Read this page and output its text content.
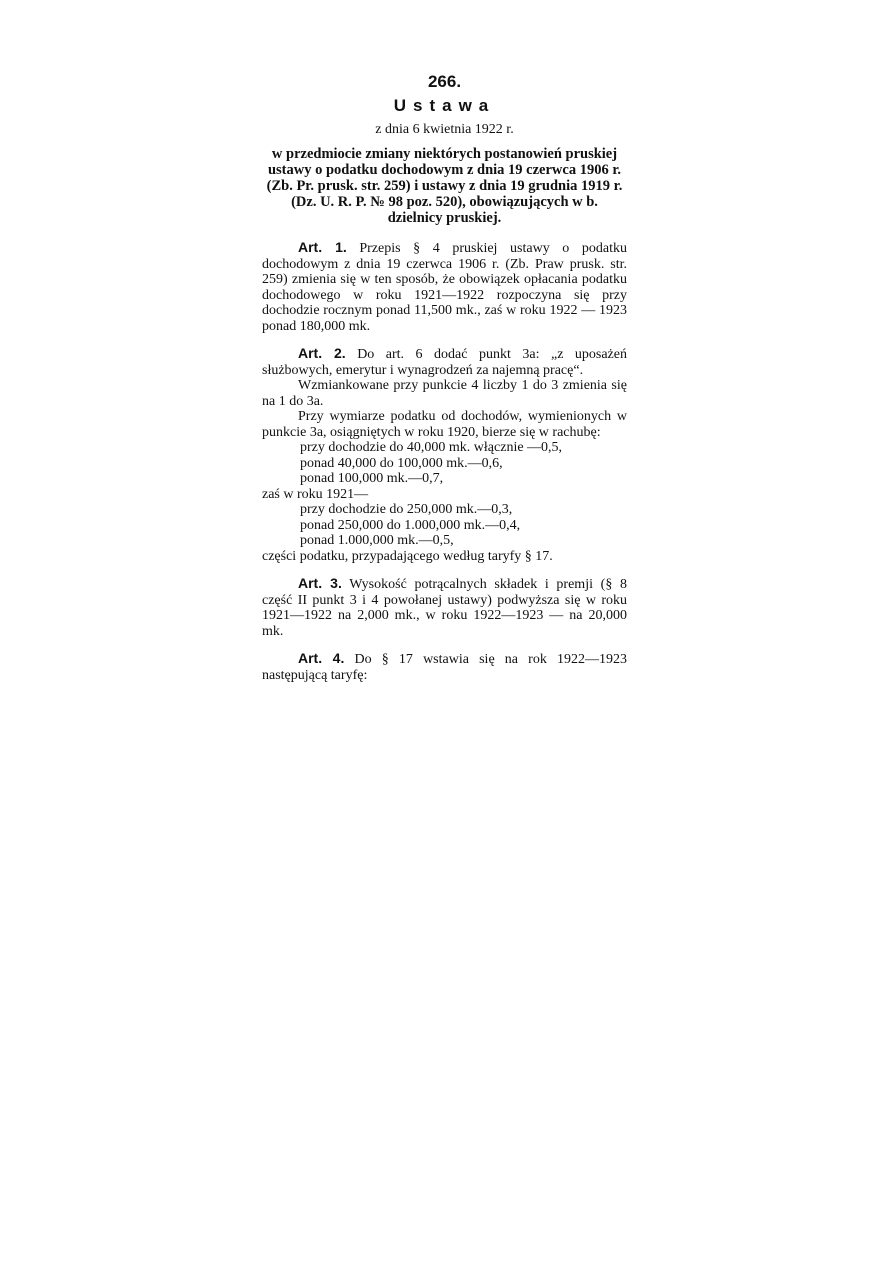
266.

Ustawa

z dnia 6 kwietnia 1922 r.

w przedmiocie zmiany niektórych postanowień pruskiej ustawy o podatku dochodowym z dnia 19 czerwca 1906 r. (Zb. Pr. prusk. str. 259) i ustawy z dnia 19 grudnia 1919 r. (Dz. U. R. P. № 98 poz. 520), obowiązujących w b. dzielnicy pruskiej.

Art. 1. Przepis § 4 pruskiej ustawy o podatku dochodowym z dnia 19 czerwca 1906 r. (Zb. Praw prusk. str. 259) zmienia się w ten sposób, że obowiązek opłacania podatku dochodowego w roku 1921—1922 rozpoczyna się przy dochodzie rocznym ponad 11,500 mk., zaś w roku 1922 — 1923 ponad 180,000 mk.

Art. 2. Do art. 6 dodać punkt 3a: „z uposażeń służbowych, emerytur i wynagrodzeń za najemną pracę“.

Wzmiankowane przy punkcie 4 liczby 1 do 3 zmienia się na 1 do 3a.

Przy wymiarze podatku od dochodów, wymienionych w punkcie 3a, osiągniętych w roku 1920, bierze się w rachubę:

przy dochodzie do 40,000 mk. włącznie —0,5,

ponad 40,000 do 100,000 mk.—0,6,

ponad 100,000 mk.—0,7,

zaś w roku 1921—

przy dochodzie do 250,000 mk.—0,3,

ponad 250,000 do 1.000,000 mk.—0,4,

ponad 1.000,000 mk.—0,5,

części podatku, przypadającego według taryfy § 17.

Art. 3. Wysokość potrącalnych składek i premji (§ 8 część II punkt 3 i 4 powołanej ustawy) podwyższa się w roku 1921—1922 na 2,000 mk., w roku 1922—1923 — na 20,000 mk.

Art. 4. Do § 17 wstawia się na rok 1922—1923 następującą taryfę:
